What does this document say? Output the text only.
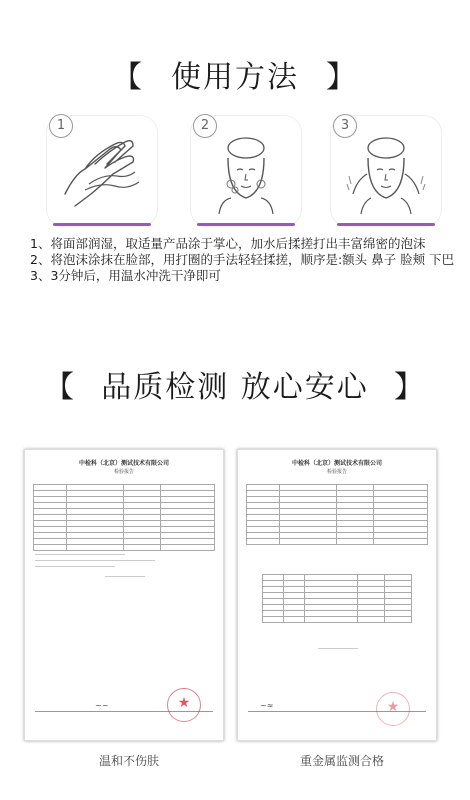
【 使用方法 】
1	2	3
1、将面部润湿，取适量产品涂于掌心，加水后揉搓打出丰富绵密的泡沫
2、将泡沫涂抹在脸部，用打圈的手法轻轻揉搓，顺序是:额头 鼻子 脸颊 下巴
3、3分钟后，用温水冲洗干净即可
【 品质检测 放心安心 】
中检科（北京）测试技术有限公司
检验报告

~~
★
中检科（北京）测试技术有限公司
检验报告

~≈
★
温和不伤肤	重金属监测合格
